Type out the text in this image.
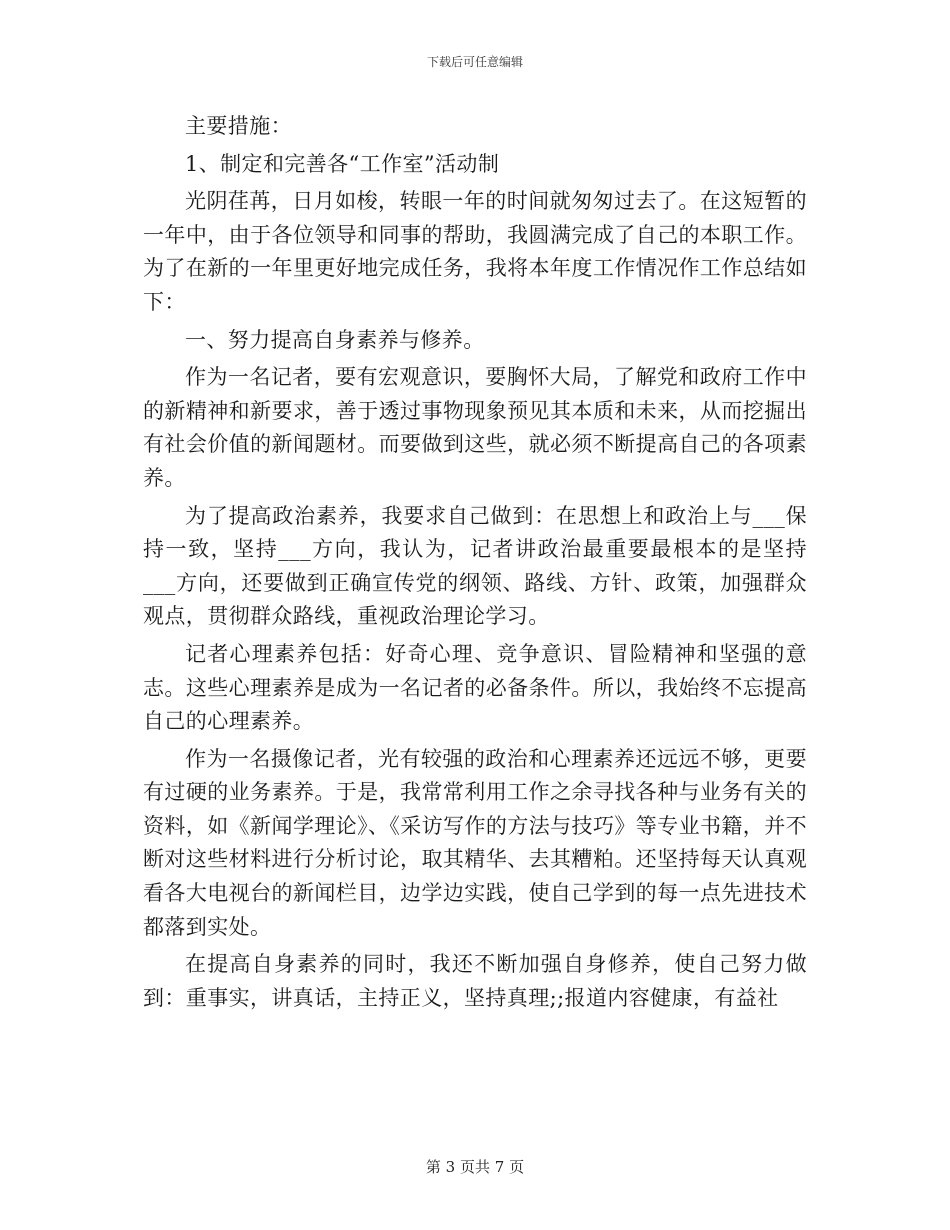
下载后可任意编辑

主要措施：

1、制定和完善各“工作室”活动制

光阴荏苒，日月如梭，转眼一年的时间就匆匆过去了。在这短暂的一年中，由于各位领导和同事的帮助，我圆满完成了自己的本职工作。为了在新的一年里更好地完成任务，我将本年度工作情况作工作总结如下：

一、努力提高自身素养与修养。

作为一名记者，要有宏观意识，要胸怀大局，了解党和政府工作中的新精神和新要求，善于透过事物现象预见其本质和未来，从而挖掘出有社会价值的新闻题材。而要做到这些，就必须不断提高自己的各项素养。

为了提高政治素养，我要求自己做到：在思想上和政治上与___保持一致，坚持___方向，我认为，记者讲政治最重要最根本的是坚持___方向，还要做到正确宣传党的纲领、路线、方针、政策，加强群众观点，贯彻群众路线，重视政治理论学习。

记者心理素养包括：好奇心理、竞争意识、冒险精神和坚强的意志。这些心理素养是成为一名记者的必备条件。所以，我始终不忘提高自己的心理素养。

作为一名摄像记者，光有较强的政治和心理素养还远远不够，更要有过硬的业务素养。于是，我常常利用工作之余寻找各种与业务有关的资料，如《新闻学理论》、《采访写作的方法与技巧》等专业书籍，并不断对这些材料进行分析讨论，取其精华、去其糟粕。还坚持每天认真观看各大电视台的新闻栏目，边学边实践，使自己学到的每一点先进技术都落到实处。

在提高自身素养的同时，我还不断加强自身修养，使自己努力做到：重事实，讲真话，主持正义，坚持真理;;报道内容健康，有益社

第 3 页共 7 页
